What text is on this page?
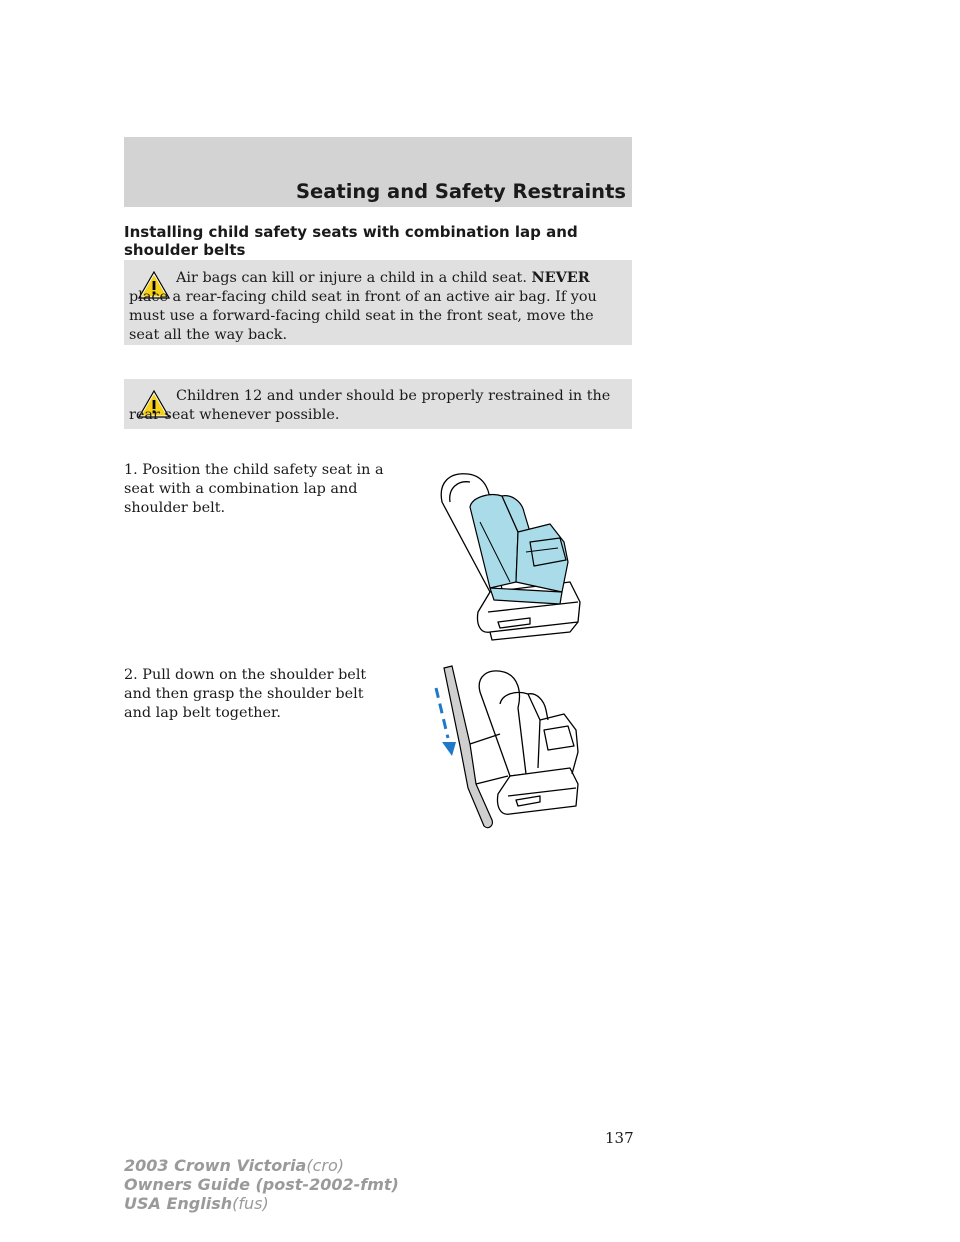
Seating and Safety Restraints
Installing child safety seats with combination lap and shoulder belts
Air bags can kill or injure a child in a child seat. NEVER place a rear-facing child seat in front of an active air bag. If you must use a forward-facing child seat in the front seat, move the seat all the way back.
Children 12 and under should be properly restrained in the rear seat whenever possible.
1. Position the child safety seat in a seat with a combination lap and shoulder belt.
2. Pull down on the shoulder belt and then grasp the shoulder belt and lap belt together.
137
2003 Crown Victoria(cro)
Owners Guide (post-2002-fmt)
USA English(fus)
